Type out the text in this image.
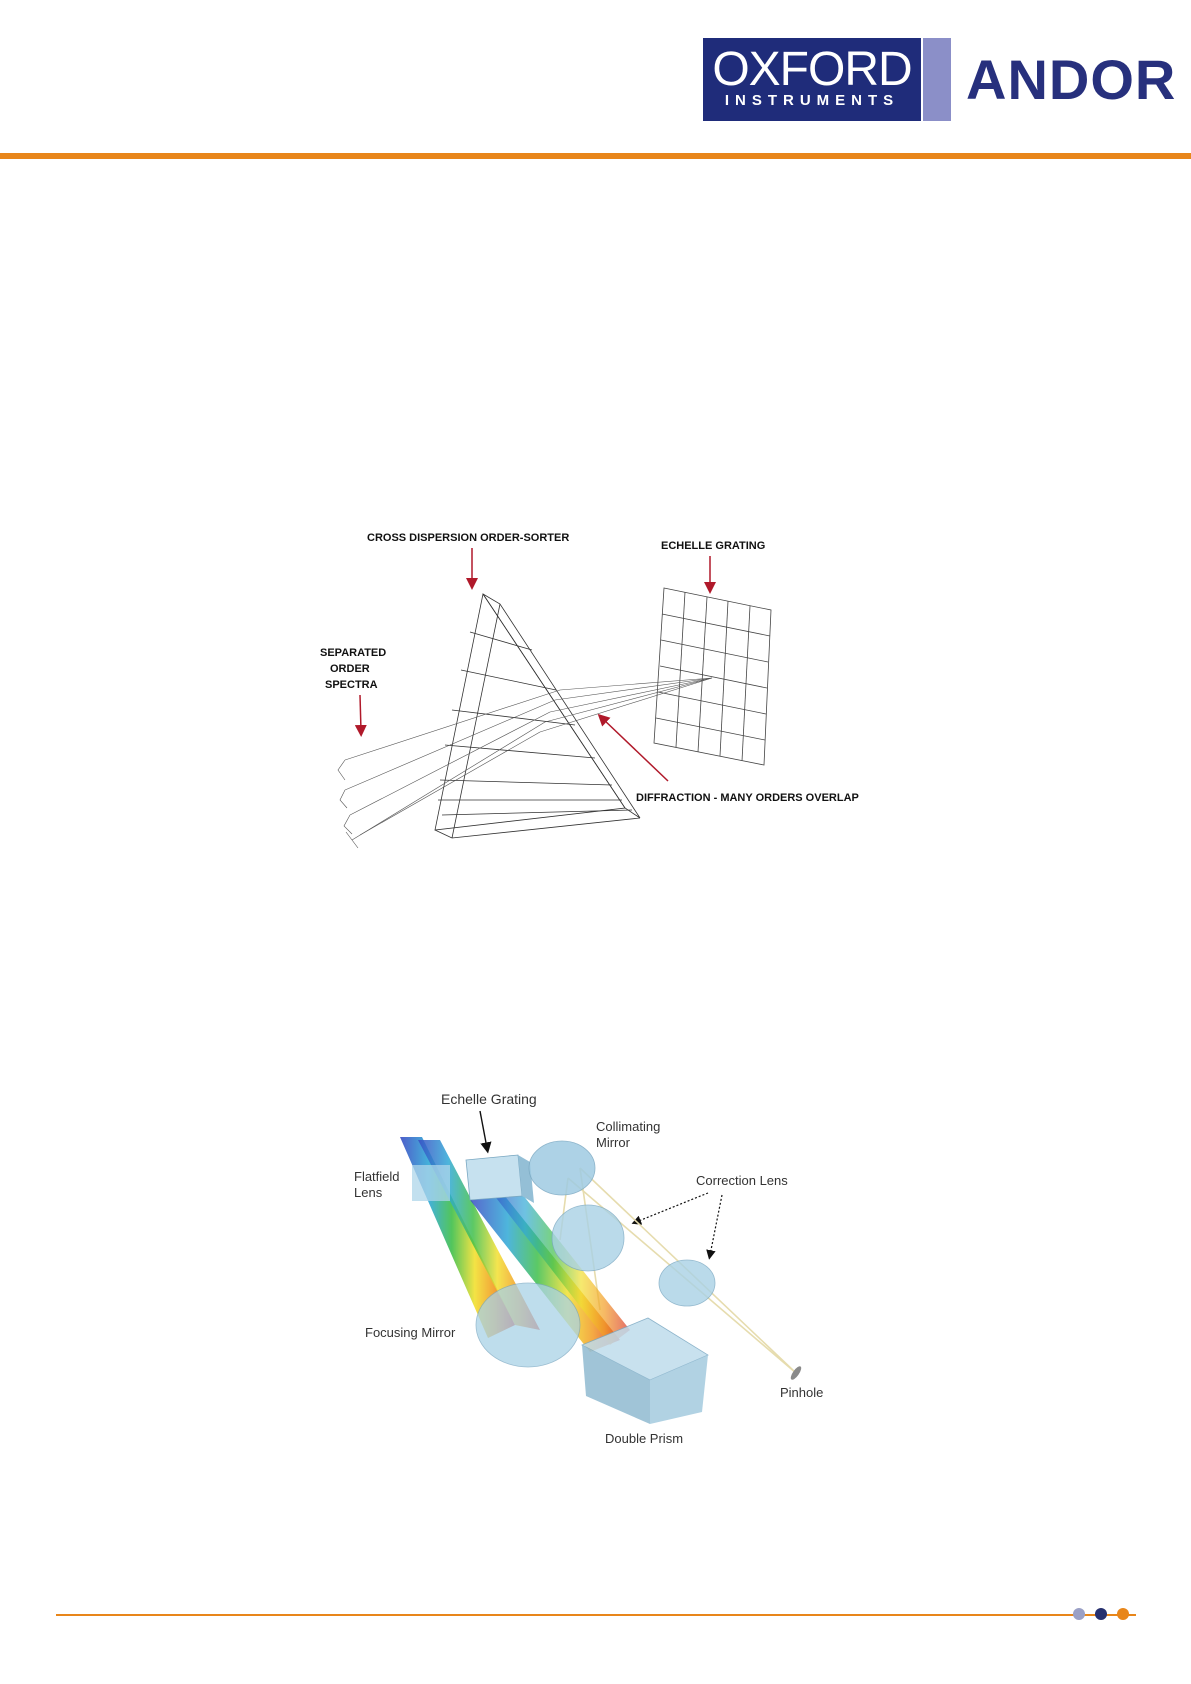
OXFORD
INSTRUMENTS	ANDOR
CROSS DISPERSION ORDER-SORTER
ECHELLE GRATING
SEPARATED
ORDER
SPECTRA
DIFFRACTION - MANY ORDERS OVERLAP
Echelle Grating
Collimating
Mirror
Flatfield
Lens
Correction Lens
Focusing Mirror
Pinhole
Double Prism
